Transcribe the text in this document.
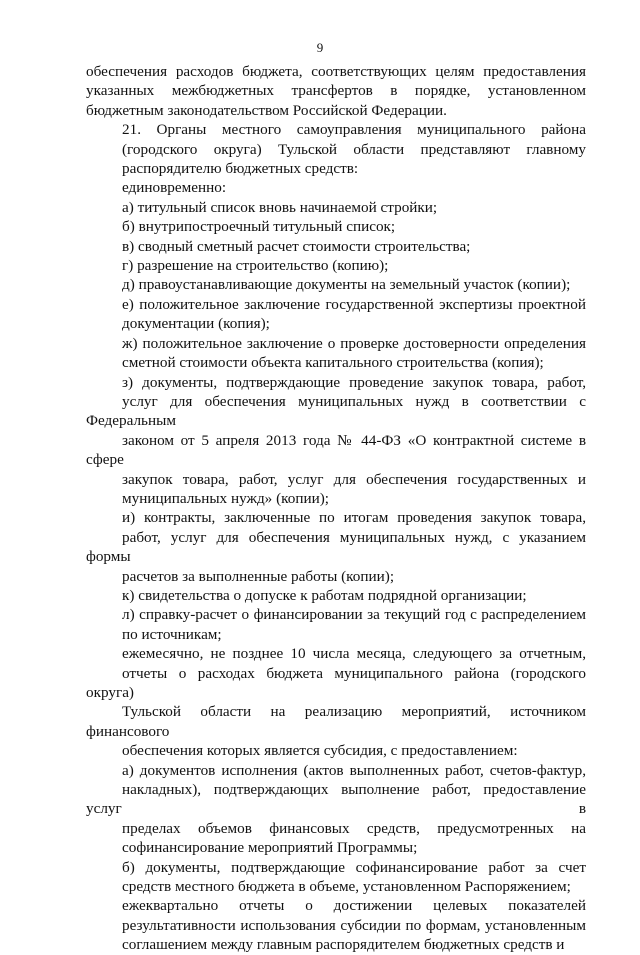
9
обеспечения расходов бюджета, соответствующих целям предоставления
указанных межбюджетных трансфертов в порядке, установленном
бюджетным законодательством Российской Федерации.
21. Органы местного самоуправления муниципального района
(городского округа) Тульской области представляют главному
распорядителю бюджетных средств:
единовременно:
а) титульный список вновь начинаемой стройки;
б) внутрипостроечный титульный список;
в) сводный сметный расчет стоимости строительства;
г) разрешение на строительство (копию);
д) правоустанавливающие документы на земельный участок (копии);
е) положительное заключение государственной экспертизы проектной
документации (копия);
ж) положительное заключение о проверке достоверности определения
сметной стоимости объекта капитального строительства (копия);
з) документы, подтверждающие проведение закупок товара, работ,
услуг для обеспечения муниципальных нужд в соответствии с Федеральным
законом от 5 апреля 2013 года № 44-ФЗ «О контрактной системе в сфере
закупок товара, работ, услуг для обеспечения государственных и
муниципальных нужд» (копии);
и) контракты, заключенные по итогам проведения закупок товара,
работ, услуг для обеспечения муниципальных нужд, с указанием формы
расчетов за выполненные работы (копии);
к) свидетельства о допуске к работам подрядной организации;
л) справку-расчет о финансировании за текущий год с распределением
по источникам;
ежемесячно, не позднее 10 числа месяца, следующего за отчетным,
отчеты о расходах бюджета муниципального района (городского округа)
Тульской области на реализацию мероприятий, источником финансового
обеспечения которых является субсидия, с предоставлением:
а) документов исполнения (актов выполненных работ, счетов-фактур,
накладных), подтверждающих выполнение работ, предоставление услуг в
пределах объемов финансовых средств, предусмотренных на
софинансирование мероприятий Программы;
б) документы, подтверждающие софинансирование работ за счет
средств местного бюджета в объеме, установленном Распоряжением;
ежеквартально отчеты о достижении целевых показателей
результативности использования субсидии по формам, установленным
соглашением между главным распорядителем бюджетных средств и
